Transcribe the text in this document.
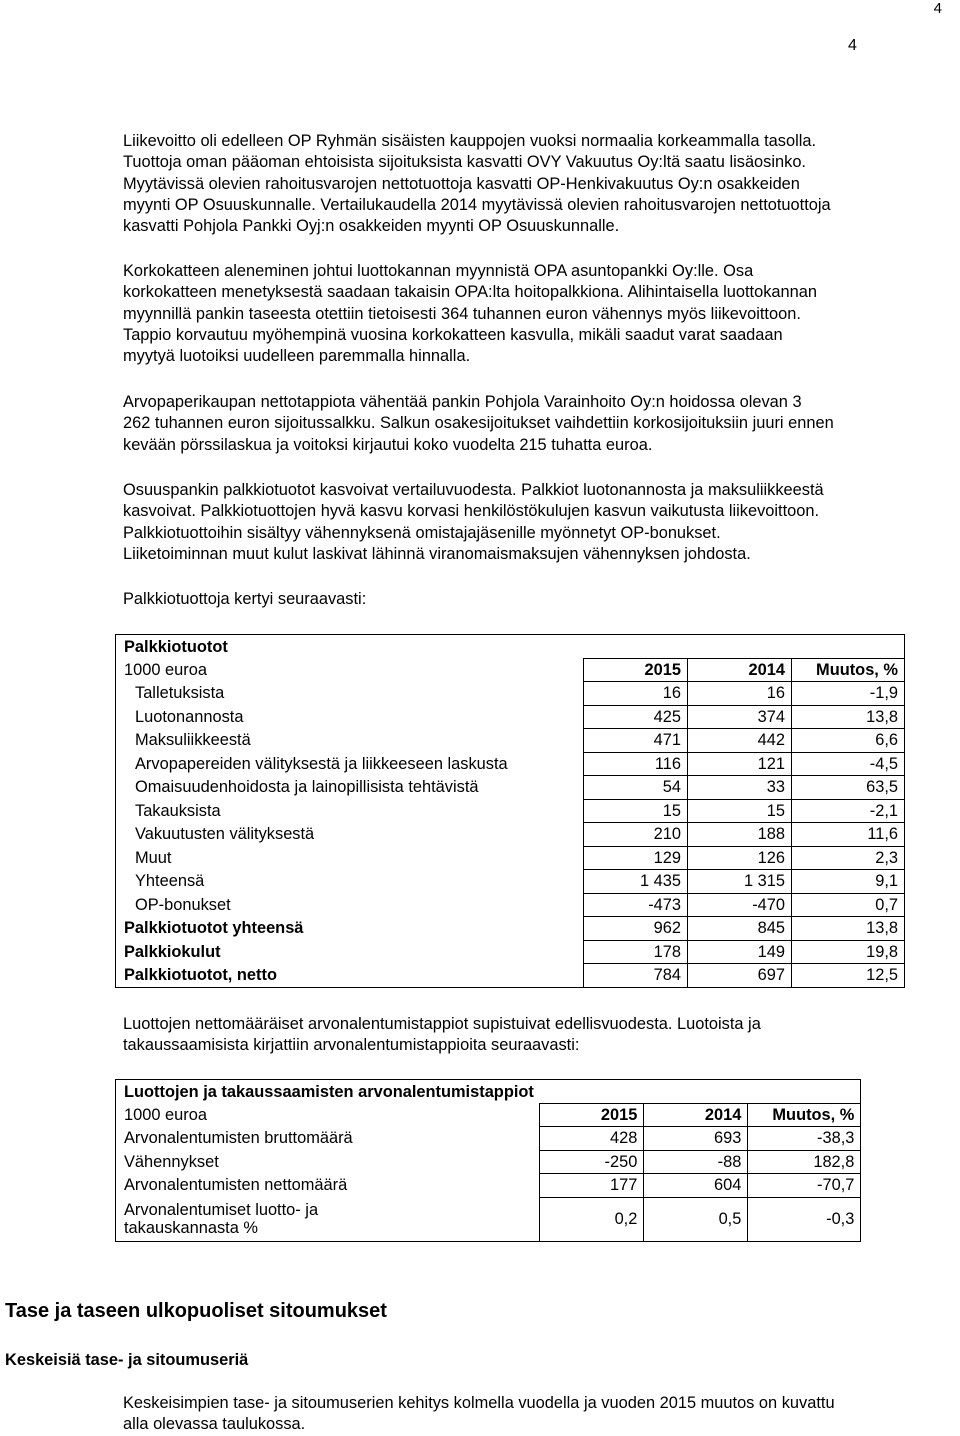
4
4

Liikevoitto oli edelleen OP Ryhmän sisäisten kauppojen vuoksi normaalia korkeammalla tasolla.
Tuottoja oman pääoman ehtoisista sijoituksista kasvatti OVY Vakuutus Oy:ltä saatu lisäosinko.
Myytävissä olevien rahoitusvarojen nettotuottoja kasvatti OP-Henkivakuutus Oy:n osakkeiden
myynti OP Osuuskunnalle. Vertailukaudella 2014 myytävissä olevien rahoitusvarojen nettotuottoja
kasvatti Pohjola Pankki Oyj:n osakkeiden myynti OP Osuuskunnalle.

Korkokatteen aleneminen johtui luottokannan myynnistä OPA asuntopankki Oy:lle. Osa
korkokatteen menetyksestä saadaan takaisin OPA:lta hoitopalkkiona. Alihintaisella luottokannan
myynnillä pankin taseesta otettiin tietoisesti 364 tuhannen euron vähennys myös liikevoittoon.
Tappio korvautuu myöhempinä vuosina korkokatteen kasvulla, mikäli saadut varat saadaan
myytyä luotoiksi uudelleen paremmalla hinnalla.

Arvopaperikaupan nettotappiota vähentää pankin Pohjola Varainhoito Oy:n hoidossa olevan 3
262 tuhannen euron sijoitussalkku. Salkun osakesijoitukset vaihdettiin korkosijoituksiin juuri ennen
kevään pörssilaskua ja voitoksi kirjautui koko vuodelta 215 tuhatta euroa.

Osuuspankin palkkiotuotot kasvoivat vertailuvuodesta. Palkkiot luotonannosta ja maksuliikkeestä
kasvoivat. Palkkiotuottojen hyvä kasvu korvasi henkilöstökulujen kasvun vaikutusta liikevoittoon.
Palkkiotuottoihin sisältyy vähennyksenä omistajajäsenille myönnetyt OP-bonukset.
Liiketoiminnan muut kulut laskivat lähinnä viranomaismaksujen vähennyksen johdosta.

Palkkiotuottoja kertyi seuraavasti:

Palkkiotuotot			
1000 euroa	2015	2014	Muutos, %
Talletuksista	16	16	-1,9
Luotonannosta	425	374	13,8
Maksuliikkeestä	471	442	6,6
Arvopapereiden välityksestä ja liikkeeseen laskusta	116	121	-4,5
Omaisuudenhoidosta ja lainopillisista tehtävistä	54	33	63,5
Takauksista	15	15	-2,1
Vakuutusten välityksestä	210	188	11,6
Muut	129	126	2,3
Yhteensä	1 435	1 315	9,1
OP-bonukset	-473	-470	0,7
Palkkiotuotot yhteensä	962	845	13,8
Palkkiokulut	178	149	19,8
Palkkiotuotot, netto	784	697	12,5

Luottojen nettomääräiset arvonalentumistappiot supistuivat edellisvuodesta. Luotoista ja
takaussaamisista kirjattiin arvonalentumistappioita seuraavasti:

Luottojen ja takaussaamisten arvonalentumistappiot			
1000 euroa	2015	2014	Muutos, %
Arvonalentumisten bruttomäärä	428	693	-38,3
Vähennykset	-250	-88	182,8
Arvonalentumisten nettomäärä	177	604	-70,7

Arvonalentumiset luotto- ja
takauskannasta %	0,2	0,5	-0,3
Tase ja taseen ulkopuoliset sitoumukset
Keskeisiä tase- ja sitoumuseriä

Keskeisimpien tase- ja sitoumuserien kehitys kolmella vuodella ja vuoden 2015 muutos on kuvattu
alla olevassa taulukossa.
